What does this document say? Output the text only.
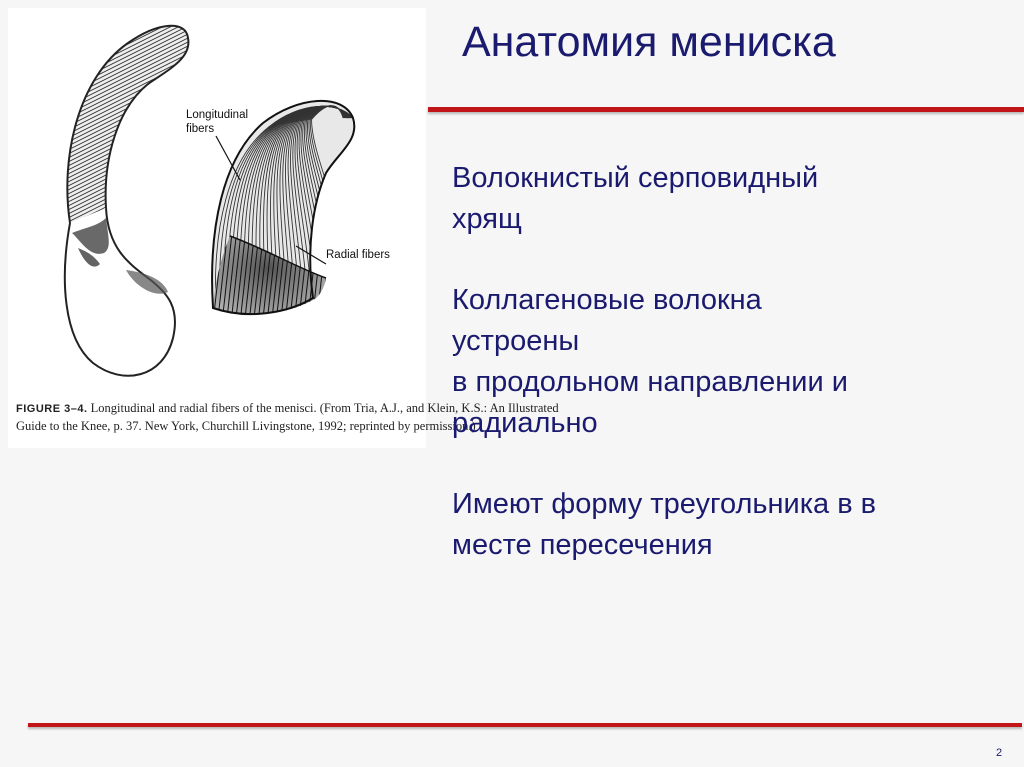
Longitudinal
fibers
Radial fibers
FIGURE 3–4. Longitudinal and radial fibers of the menisci. (From Tria, A.J., and Klein, K.S.: An Illustrated
Guide to the Knee, p. 37. New York, Churchill Livingstone, 1992; reprinted by permission.)
Анатомия мениска
Волокнистый серповидный
хрящ
Коллагеновые волокна
устроены
в продольном направлении и
радиально
Имеют форму треугольника в в
месте пересечения
2
